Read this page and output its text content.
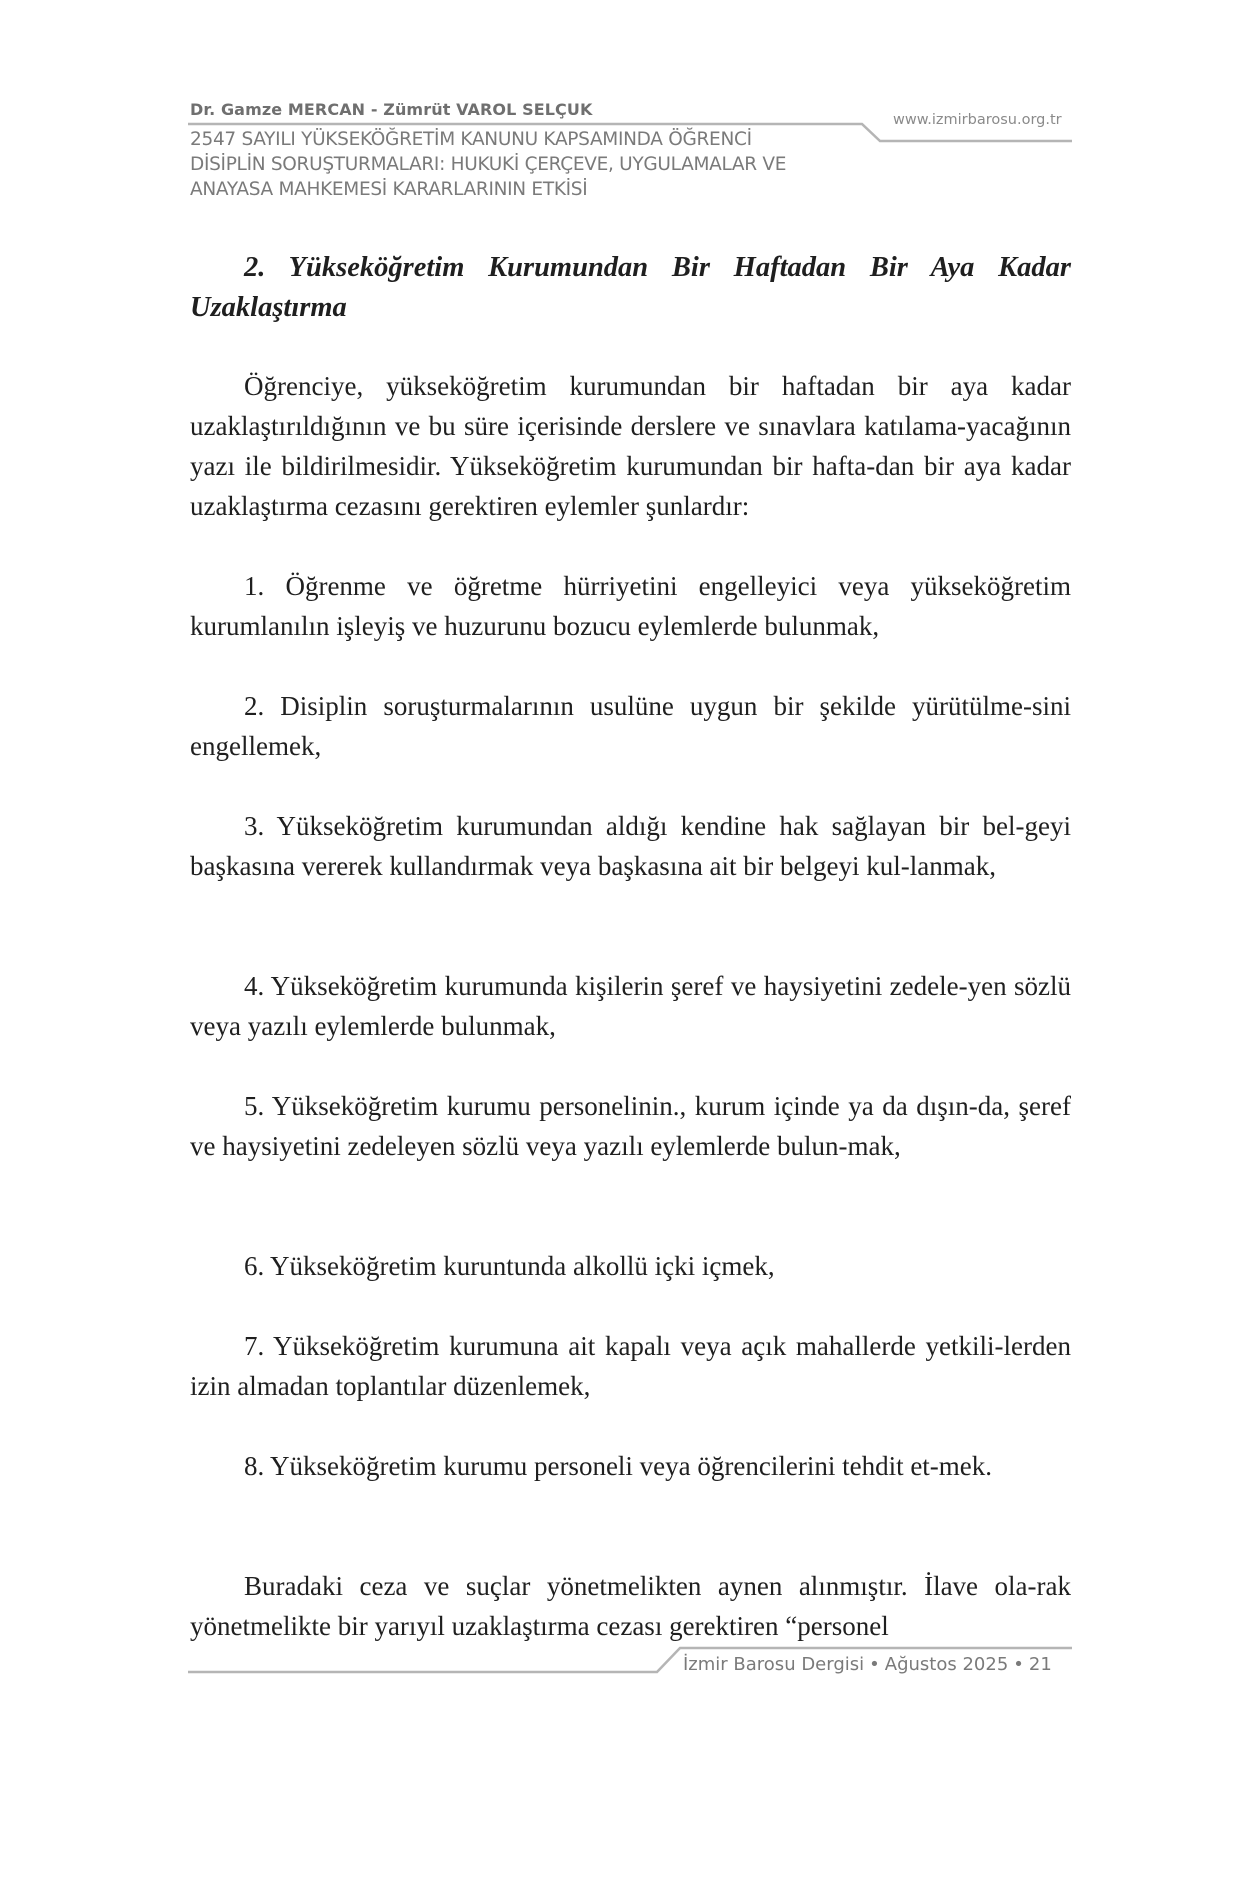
Dr. Gamze MERCAN - Zümrüt VAROL SELÇUK
2547 SAYILI YÜKSEKÖĞRETİM KANUNU KAPSAMINDA ÖĞRENCİ
DİSİPLİN SORUŞTURMALARI: HUKUKİ ÇERÇEVE, UYGULAMALAR VE
ANAYASA MAHKEMESİ KARARLARININ ETKİSİ
www.izmirbarosu.org.tr
2. Yükseköğretim Kurumundan Bir Haftadan Bir Aya Kadar Uzaklaştırma

Öğrenciye, yükseköğretim kurumundan bir haftadan bir aya kadar uzaklaştırıldığının ve bu süre içerisinde derslere ve sınavlara katılama-yacağının yazı ile bildirilmesidir. Yükseköğretim kurumundan bir hafta-dan bir aya kadar uzaklaştırma cezasını gerektiren eylemler şunlardır:

1. Öğrenme ve öğretme hürriyetini engelleyici veya yükseköğretim kurumlanılın işleyiş ve huzurunu bozucu eylemlerde bulunmak,

2. Disiplin soruşturmalarının usulüne uygun bir şekilde yürütülme-sini engellemek,

3. Yükseköğretim kurumundan aldığı kendine hak sağlayan bir bel-geyi başkasına vererek kullandırmak veya başkasına ait bir belgeyi kul-lanmak,

4. Yükseköğretim kurumunda kişilerin şeref ve haysiyetini zedele-yen sözlü veya yazılı eylemlerde bulunmak,

5. Yükseköğretim kurumu personelinin., kurum içinde ya da dışın-da, şeref ve haysiyetini zedeleyen sözlü veya yazılı eylemlerde bulun-mak,

6. Yükseköğretim kuruntunda alkollü içki içmek,

7. Yükseköğretim kurumuna ait kapalı veya açık mahallerde yetkili-lerden izin almadan toplantılar düzenlemek,

8. Yükseköğretim kurumu personeli veya öğrencilerini tehdit et-mek.

Buradaki ceza ve suçlar yönetmelikten aynen alınmıştır. İlave ola-rak yönetmelikte bir yarıyıl uzaklaştırma cezası gerektiren “personel

İzmir Barosu Dergisi • Ağustos 2025 • 21
